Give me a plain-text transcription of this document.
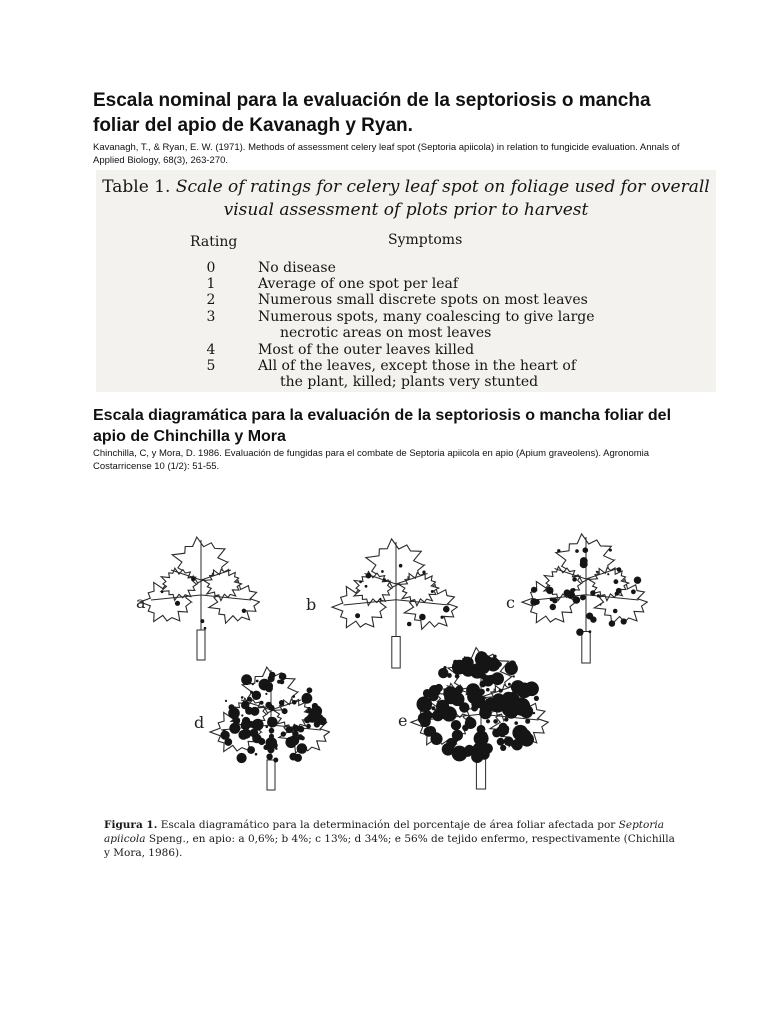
Escala nominal para la evaluación de la septoriosis o mancha foliar del apio de Kavanagh y Ryan.
Kavanagh, T., & Ryan, E. W. (1971). Methods of assessment celery leaf spot (Septoria apiicola) in relation to fungicide evaluation. Annals of Applied Biology, 68(3), 263-270.
Table 1. Scale of ratings for celery leaf spot on foliage used for overall visual assessment of plots prior to harvest
Rating	Symptoms
0	No disease
1	Average of one spot per leaf
2	Numerous small discrete spots on most leaves
3	Numerous spots, many coalescing to give large
necrotic areas on most leaves
4	Most of the outer leaves killed
5	All of the leaves, except those in the heart of
the plant, killed; plants very stunted
Escala diagramática para la evaluación de la septoriosis o mancha foliar del apio de Chinchilla y Mora
Chinchilla, C, y Mora, D. 1986. Evaluación de fungidas para el combate de Septoria apiicola en apio (Apium graveolens). Agronomia Costarricense 10 (1/2): 51-55.
a	b	c
d	e
Figura 1. Escala diagramático para la determinación del porcentaje de área foliar afectada por Septoria apiicola Speng., en apio: a 0,6%; b 4%; c 13%; d 34%; e 56% de tejido enfermo, respectivamente (Chichilla y Mora, 1986).
